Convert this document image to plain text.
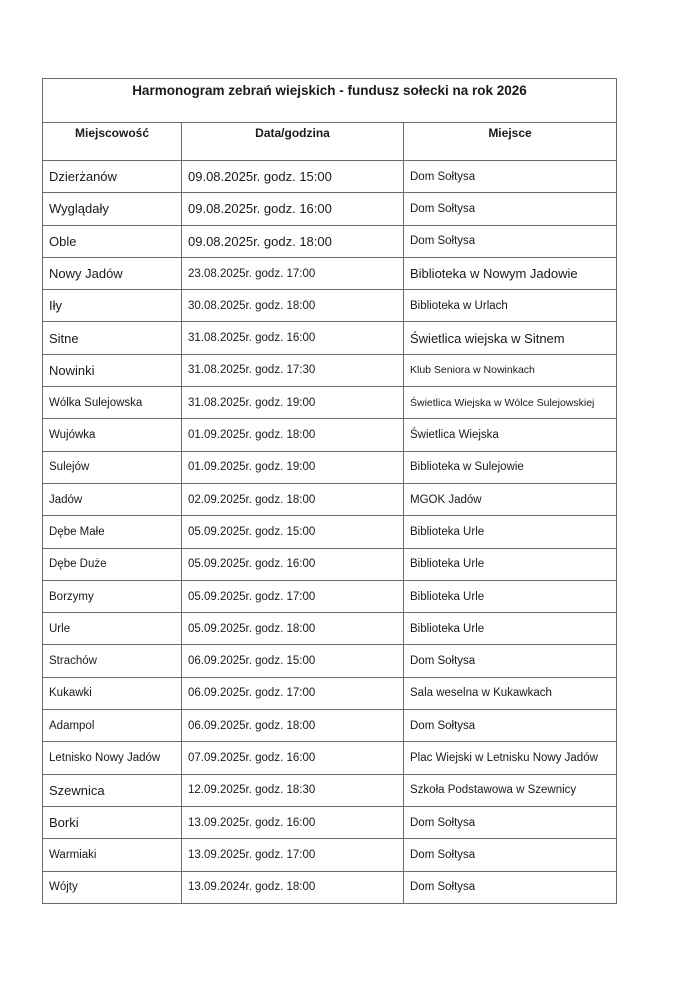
Harmonogram zebrań wiejskich - fundusz sołecki na rok 2026		
Miejscowość	Data/godzina	Miejsce
Dzierżanów	09.08.2025r. godz. 15:00	Dom Sołtysa
Wyglądały	09.08.2025r. godz. 16:00	Dom Sołtysa
Oble	09.08.2025r. godz. 18:00	Dom Sołtysa
Nowy Jadów	23.08.2025r. godz. 17:00	Biblioteka w Nowym Jadowie
Iły	30.08.2025r. godz. 18:00	Biblioteka w Urlach
Sitne	31.08.2025r. godz. 16:00	Świetlica wiejska w Sitnem
Nowinki	31.08.2025r. godz. 17:30	Klub Seniora w Nowinkach
Wólka Sulejowska	31.08.2025r. godz. 19:00	Świetlica Wiejska w Wólce Sulejowskiej
Wujówka	01.09.2025r. godz. 18:00	Świetlica Wiejska
Sulejów	01.09.2025r. godz. 19:00	Biblioteka w Sulejowie
Jadów	02.09.2025r. godz. 18:00	MGOK Jadów
Dębe Małe	05.09.2025r. godz. 15:00	Biblioteka Urle
Dębe Duże	05.09.2025r. godz. 16:00	Biblioteka Urle
Borzymy	05.09.2025r. godz. 17:00	Biblioteka Urle
Urle	05.09.2025r. godz. 18:00	Biblioteka Urle
Strachów	06.09.2025r. godz. 15:00	Dom Sołtysa
Kukawki	06.09.2025r. godz. 17:00	Sala weselna w Kukawkach
Adampol	06.09.2025r. godz. 18:00	Dom Sołtysa
Letnisko Nowy Jadów	07.09.2025r. godz. 16:00	Plac Wiejski w Letnisku Nowy Jadów
Szewnica	12.09.2025r. godz. 18:30	Szkoła Podstawowa w Szewnicy
Borki	13.09.2025r. godz. 16:00	Dom Sołtysa
Warmiaki	13.09.2025r. godz. 17:00	Dom Sołtysa
Wójty	13.09.2024r. godz. 18:00	Dom Sołtysa
